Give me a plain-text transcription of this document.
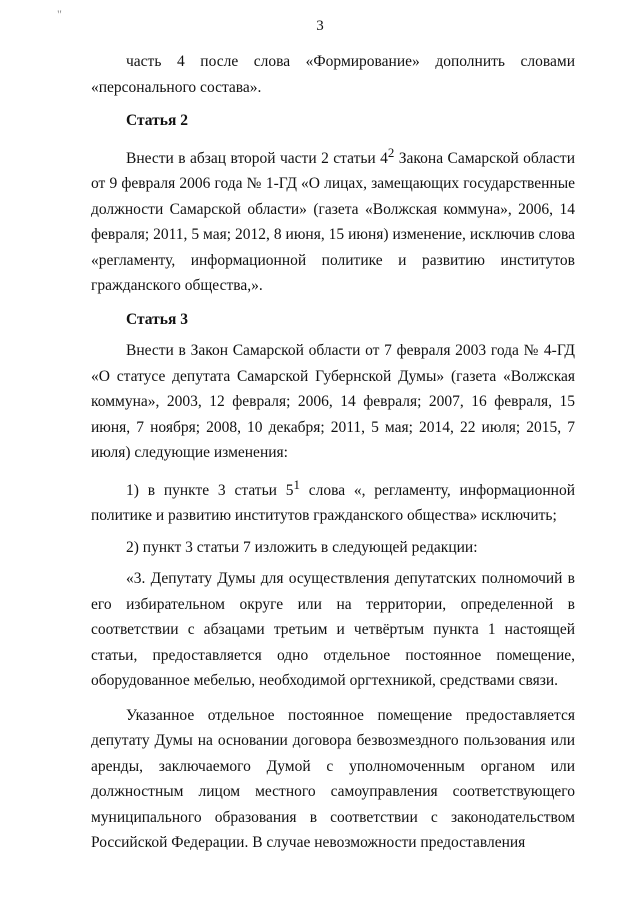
"
3

часть 4 после слова «Формирование» дополнить словами «персонального состава».

Статья 2

Внести в абзац второй части 2 статьи $4^2$ Закона Самарской области от 9 февраля 2006 года № 1-ГД «О лицах, замещающих государственные должности Самарской области» (газета «Волжская коммуна», 2006, 14 февраля; 2011, 5 мая; 2012, 8 июня, 15 июня) изменение, исключив слова «регламенту, информационной политике и развитию институтов гражданского общества,».

Статья 3

Внести в Закон Самарской области от 7 февраля 2003 года № 4-ГД «О статусе депутата Самарской Губернской Думы» (газета «Волжская коммуна», 2003, 12 февраля; 2006, 14 февраля; 2007, 16 февраля, 15 июня, 7 ноября; 2008, 10 декабря; 2011, 5 мая; 2014, 22 июля; 2015, 7 июля) следующие изменения:

1) в пункте 3 статьи $5^1$ слова «, регламенту, информационной политике и развитию институтов гражданского общества» исключить;

2) пункт 3 статьи 7 изложить в следующей редакции:

«3. Депутату Думы для осуществления депутатских полномочий в его избирательном округе или на территории, определенной в соответствии с абзацами третьим и четвёртым пункта 1 настоящей статьи, предоставляется одно отдельное постоянное помещение, оборудованное мебелью, необходимой оргтехникой, средствами связи.

Указанное отдельное постоянное помещение предоставляется депутату Думы на основании договора безвозмездного пользования или аренды, заключаемого Думой с уполномоченным органом или должностным лицом местного самоуправления соответствующего муниципального образования в соответствии с законодательством Российской Федерации. В случае невозможности предоставления
